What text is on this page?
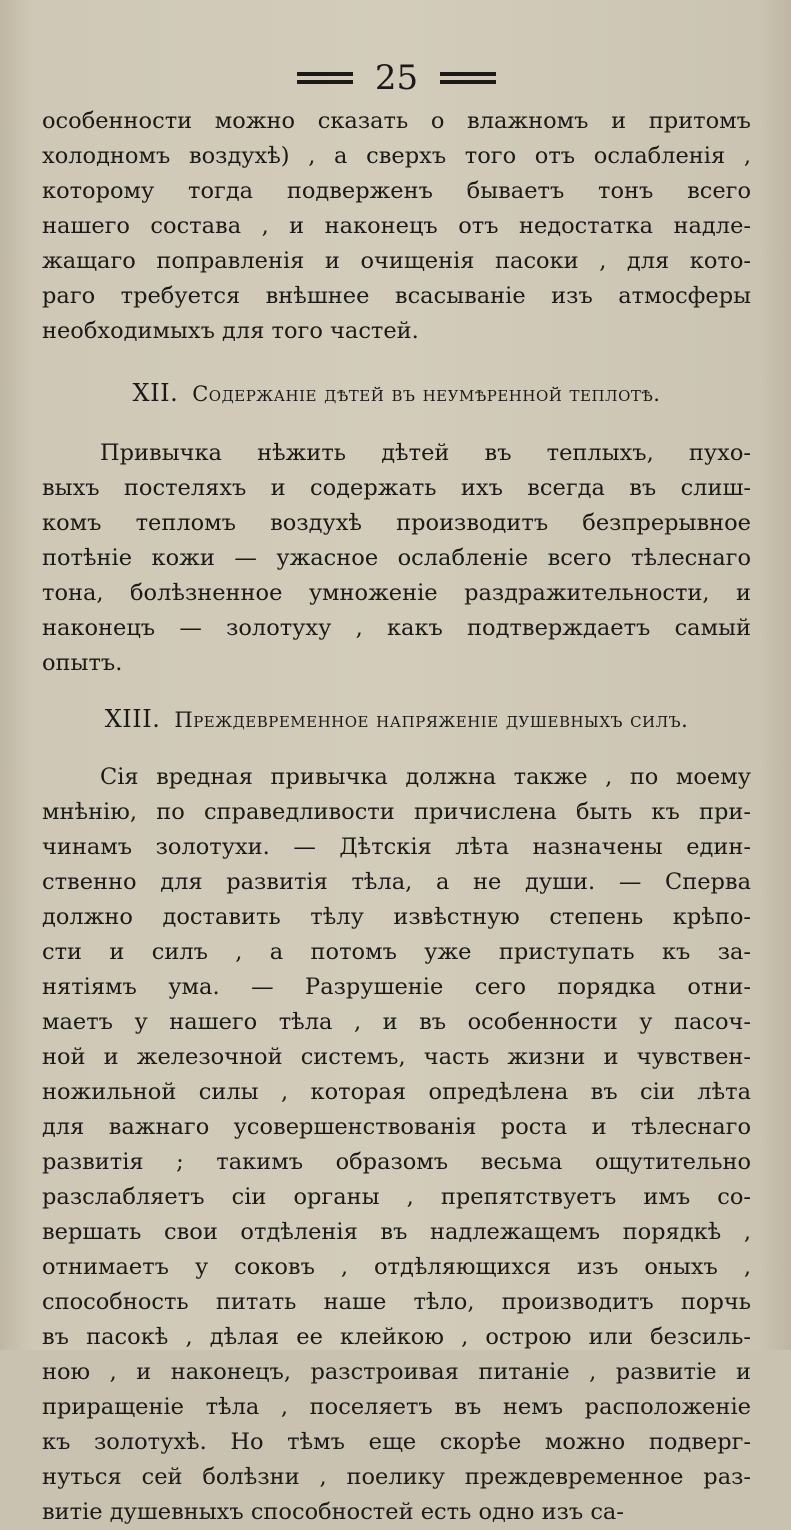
25
особенности можно сказать о влажномъ и притомъ
холодномъ воздухѣ) , а сверхъ того отъ ослабленія ,
которому тогда подверженъ бываетъ тонъ всего
нашего состава , и наконецъ отъ недостатка надле-
жащаго поправленія и очищенія пасоки , для кото-
раго требуется внѣшнее всасываніе изъ атмосферы
необходимыхъ для того частей.
XII. Содержаніе дѣтей въ неумѣренной теплотѣ.
Привычка нѣжить дѣтей въ теплыхъ, пухо-
выхъ постеляхъ и содержать ихъ всегда въ слиш-
комъ тепломъ воздухѣ производитъ безпрерывное
потѣніе кожи — ужасное ослабленіе всего тѣлеснаго
тона, болѣзненное умноженіе раздражительности, и
наконецъ — золотуху , какъ подтверждаетъ самый
опытъ.
XIII. Преждевременное напряженіе душевныхъ силъ.
Сія вредная привычка должна также , по моему
мнѣнію, по справедливости причислена быть къ при-
чинамъ золотухи. — Дѣтскія лѣта назначены един-
ственно для развитія тѣла, а не души. — Сперва
должно доставить тѣлу извѣстную степень крѣпо-
сти и силъ , а потомъ уже приступать къ за-
нятіямъ ума. — Разрушеніе сего порядка отни-
маетъ у нашего тѣла , и въ особенности у пасоч-
ной и железочной системъ, часть жизни и чувствен-
ножильной силы , которая опредѣлена въ сіи лѣта
для важнаго усовершенствованія роста и тѣлеснаго
развитія ; такимъ образомъ весьма ощутительно
разслабляетъ сіи органы , препятствуетъ имъ со-
вершать свои отдѣленія въ надлежащемъ порядкѣ ,
отнимаетъ у соковъ , отдѣляющихся изъ оныхъ ,
способность питать наше тѣло, производитъ порчь
въ пасокѣ , дѣлая ее клейкою , острою или безсиль-
ною , и наконецъ, разстроивая питаніе , развитіе и
приращеніе тѣла , поселяетъ въ немъ расположеніе
къ золотухѣ. Но тѣмъ еще скорѣе можно подверг-
нуться сей болѣзни , поелику преждевременное раз-
витіе душевныхъ способностей есть одно изъ са-
